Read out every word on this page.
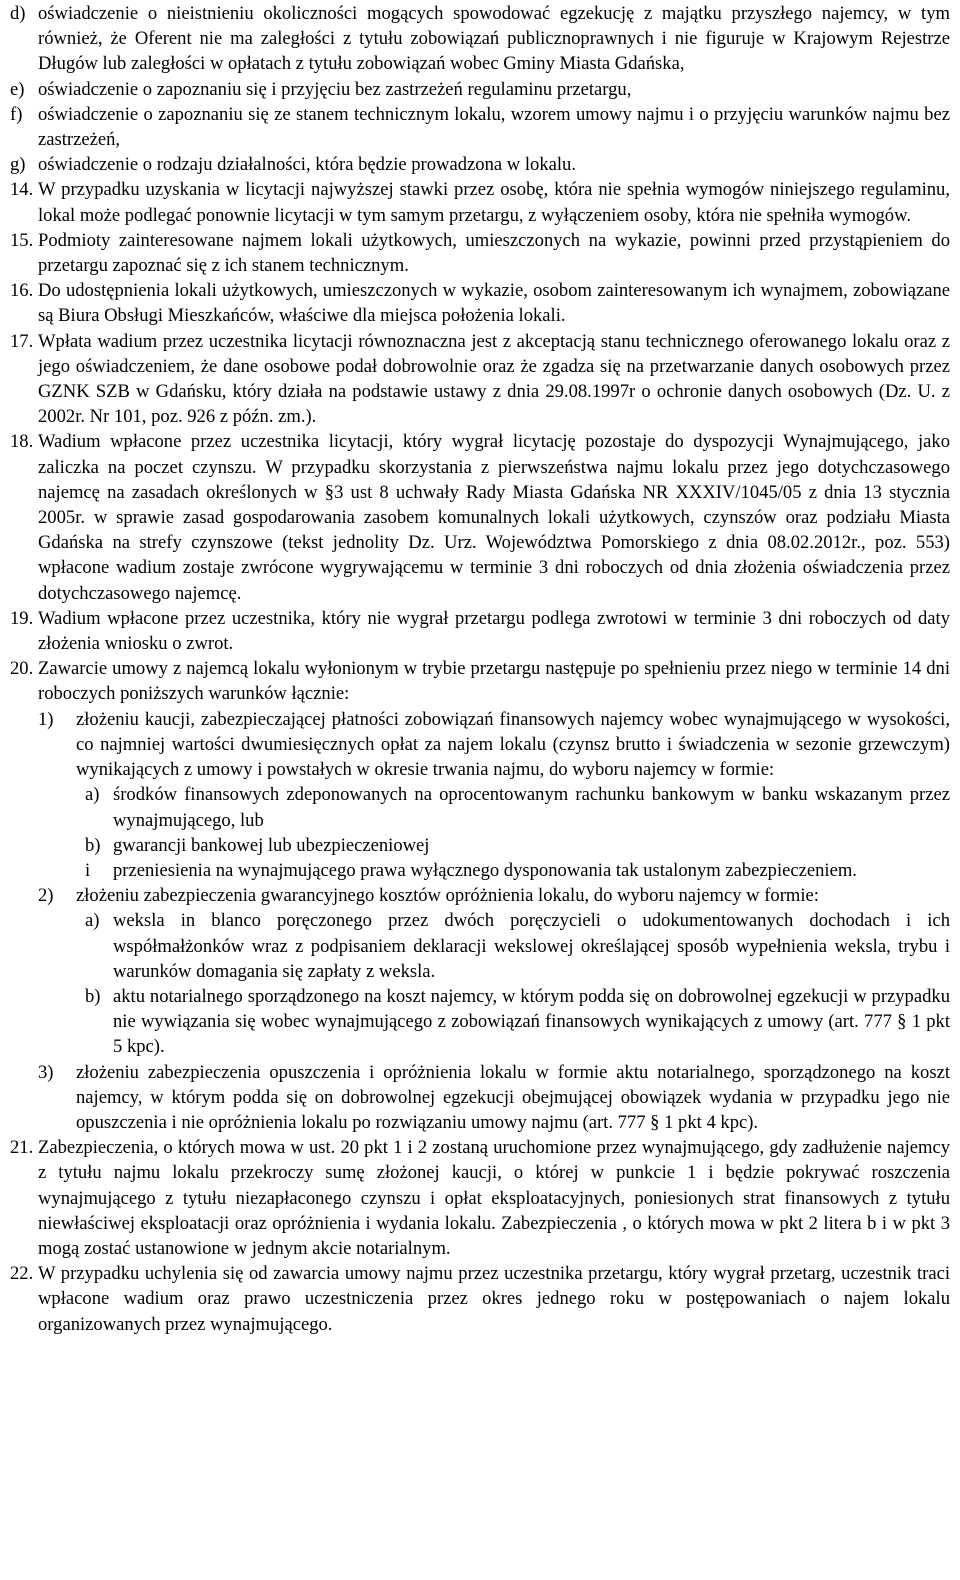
d) oświadczenie o nieistnieniu okoliczności mogących spowodować egzekucję z majątku przyszłego najemcy, w tym również, że Oferent nie ma zaległości z tytułu zobowiązań publicznoprawnych i nie figuruje w Krajowym Rejestrze Długów lub zaległości w opłatach z tytułu zobowiązań wobec Gminy Miasta Gdańska,
e) oświadczenie o zapoznaniu się i przyjęciu bez zastrzeżeń regulaminu przetargu,
f) oświadczenie o zapoznaniu się ze stanem technicznym lokalu, wzorem umowy najmu i o przyjęciu warunków najmu bez zastrzeżeń,
g) oświadczenie o rodzaju działalności, która będzie prowadzona w lokalu.
14. W przypadku uzyskania w licytacji najwyższej stawki przez osobę, która nie spełnia wymogów niniejszego regulaminu, lokal może podlegać ponownie licytacji w tym samym przetargu, z wyłączeniem osoby, która nie spełniła wymogów.
15. Podmioty zainteresowane najmem lokali użytkowych, umieszczonych na wykazie, powinni przed przystąpieniem do przetargu zapoznać się z ich stanem technicznym.
16. Do udostępnienia lokali użytkowych, umieszczonych w wykazie, osobom zainteresowanym ich wynajmem, zobowiązane są Biura Obsługi Mieszkańców, właściwe dla miejsca położenia lokali.
17. Wpłata wadium przez uczestnika licytacji równoznaczna jest z akceptacją stanu technicznego oferowanego lokalu oraz z jego oświadczeniem, że dane osobowe podał dobrowolnie oraz że zgadza się na przetwarzanie danych osobowych przez GZNK SZB w Gdańsku, który działa na podstawie ustawy z dnia 29.08.1997r o ochronie danych osobowych (Dz. U. z 2002r. Nr 101, poz. 926 z późn. zm.).
18. Wadium wpłacone przez uczestnika licytacji, który wygrał licytację pozostaje do dyspozycji Wynajmującego, jako zaliczka na poczet czynszu. W przypadku skorzystania z pierwszeństwa najmu lokalu przez jego dotychczasowego najemcę na zasadach określonych w §3 ust 8 uchwały Rady Miasta Gdańska NR XXXIV/1045/05 z dnia 13 stycznia 2005r. w sprawie zasad gospodarowania zasobem komunalnych lokali użytkowych, czynszów oraz podziału Miasta Gdańska na strefy czynszowe (tekst jednolity Dz. Urz. Województwa Pomorskiego z dnia 08.02.2012r., poz. 553) wpłacone wadium zostaje zwrócone wygrywającemu w terminie 3 dni roboczych od dnia złożenia oświadczenia przez dotychczasowego najemcę.
19. Wadium wpłacone przez uczestnika, który nie wygrał przetargu podlega zwrotowi w terminie 3 dni roboczych od daty złożenia wniosku o zwrot.
20. Zawarcie umowy z najemcą lokalu wyłonionym w trybie przetargu następuje po spełnieniu przez niego w terminie 14 dni roboczych poniższych warunków łącznie:
1) złożeniu kaucji, zabezpieczającej płatności zobowiązań finansowych najemcy wobec wynajmującego w wysokości, co najmniej wartości dwumiesięcznych opłat za najem lokalu (czynsz brutto i świadczenia w sezonie grzewczym) wynikających z umowy i powstałych w okresie trwania najmu, do wyboru najemcy w formie:
a) środków finansowych zdeponowanych na oprocentowanym rachunku bankowym w banku wskazanym przez wynajmującego, lub
b) gwarancji bankowej lub ubezpieczeniowej
i przeniesienia na wynajmującego prawa wyłącznego dysponowania tak ustalonym zabezpieczeniem.
2) złożeniu zabezpieczenia gwarancyjnego kosztów opróżnienia lokalu, do wyboru najemcy w formie:
a) weksla in blanco poręczonego przez dwóch poręczycieli o udokumentowanych dochodach i ich współmałżonków wraz z podpisaniem deklaracji wekslowej określającej sposób wypełnienia weksla, trybu i warunków domagania się zapłaty z weksla.
b) aktu notarialnego sporządzonego na koszt najemcy, w którym podda się on dobrowolnej egzekucji w przypadku nie wywiązania się wobec wynajmującego z zobowiązań finansowych wynikających z umowy (art. 777 § 1 pkt 5 kpc).
3) złożeniu zabezpieczenia opuszczenia i opróżnienia lokalu w formie aktu notarialnego, sporządzonego na koszt najemcy, w którym podda się on dobrowolnej egzekucji obejmującej obowiązek wydania w przypadku jego nie opuszczenia i nie opróżnienia lokalu po rozwiązaniu umowy najmu (art. 777 § 1 pkt 4 kpc).
21. Zabezpieczenia, o których mowa w ust. 20 pkt 1 i 2 zostaną uruchomione przez wynajmującego, gdy zadłużenie najemcy z tytułu najmu lokalu przekroczy sumę złożonej kaucji, o której w punkcie 1 i będzie pokrywać roszczenia wynajmującego z tytułu niezapłaconego czynszu i opłat eksploatacyjnych, poniesionych strat finansowych z tytułu niewłaściwej eksploatacji oraz opróżnienia i wydania lokalu. Zabezpieczenia , o których mowa w pkt 2 litera b i w pkt 3 mogą zostać ustanowione w jednym akcie notarialnym.
22. W przypadku uchylenia się od zawarcia umowy najmu przez uczestnika przetargu, który wygrał przetarg, uczestnik traci wpłacone wadium oraz prawo uczestniczenia przez okres jednego roku w postępowaniach o najem lokalu organizowanych przez wynajmującego.
